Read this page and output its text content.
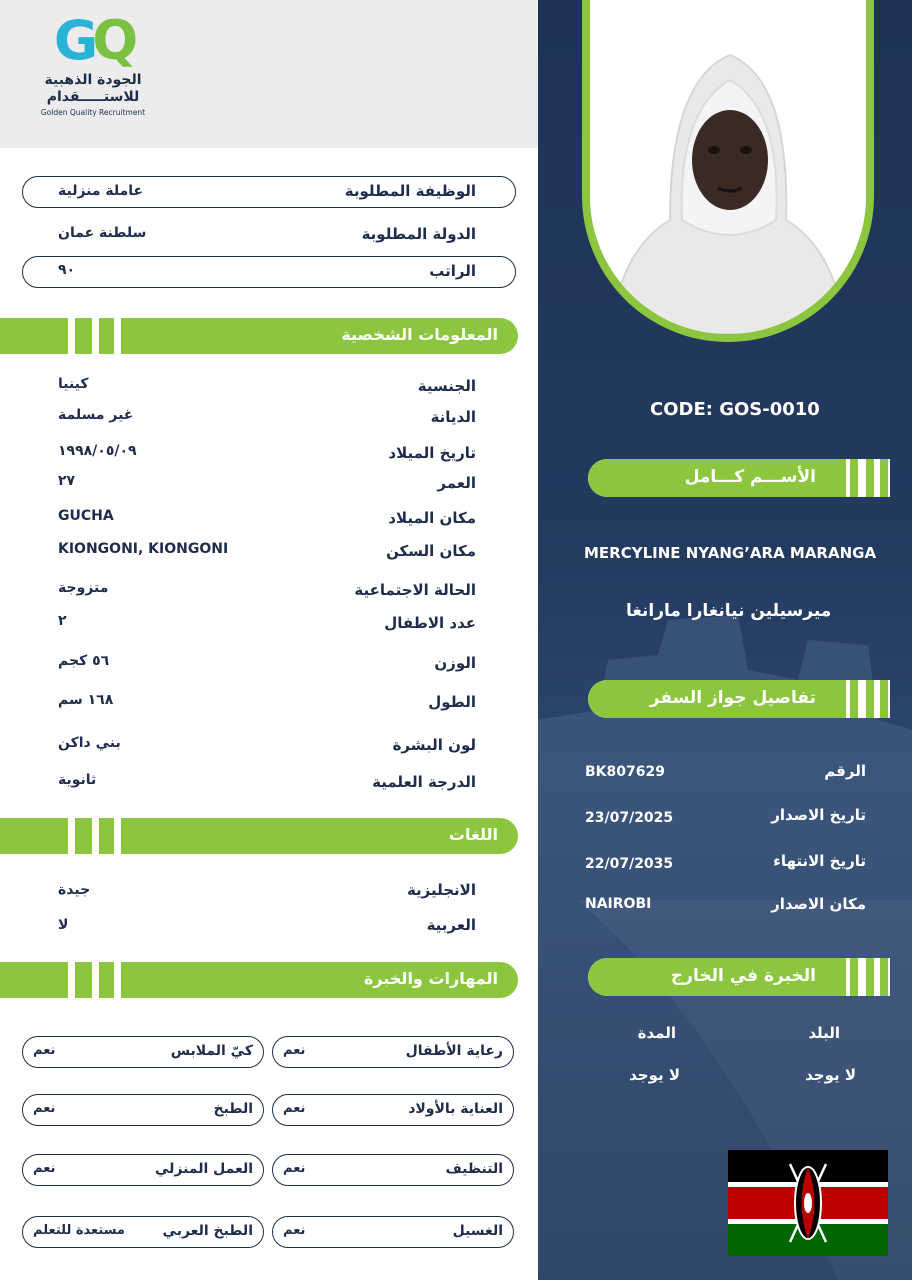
GQ
الجودة الذهبية
للاستـــــقدام
Golden Quality Recruitment
الوظيفة المطلوبة
عاملة منزلية
الدولة المطلوبة
سلطنة عمان
الراتب
٩٠
المعلومات الشخصية
الجنسية
كينيا
الديانة
غير مسلمة
تاريخ الميلاد
١٩٩٨/٠٥/٠٩
العمر
٢٧
مكان الميلاد
GUCHA
مكان السكن
KIONGONI, KIONGONI
الحالة الاجتماعية
متزوجة
عدد الاطفال
٢
الوزن
٥٦ كجم
الطول
١٦٨ سم
لون البشرة
بني داكن
الدرجة العلمية
ثانوية
اللغات
الانجليزية
جيدة
العربية
لا
المهارات والخبرة
رعاية الأطفال
نعم
كيّ الملابس
نعم
العناية بالأولاد
نعم
الطبخ
نعم
التنظيف
نعم
العمل المنزلي
نعم
الغسيل
نعم
الطبخ العربي
مستعدة للتعلم
CODE: GOS-0010
الأســـم كـــامل
MERCYLINE NYANG’ARA MARANGA
ميرسيلين نيانغارا مارانغا
تفاصيل جواز السفر
الرقم
BK807629
تاريخ الاصدار
23/07/2025
تاريخ الانتهاء
22/07/2035
مكان الاصدار
NAIROBI
الخبرة في الخارج
البلد
المدة
لا يوجد
لا يوجد
